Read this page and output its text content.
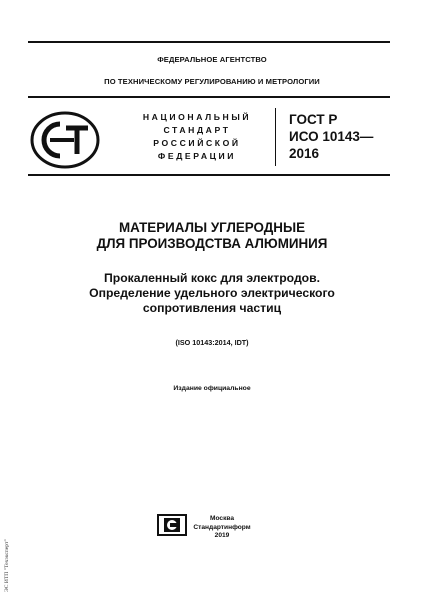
ФЕДЕРАЛЬНОЕ АГЕНТСТВО
ПО ТЕХНИЧЕСКОМУ РЕГУЛИРОВАНИЮ И МЕТРОЛОГИИ
НАЦИОНАЛЬНЫЙ
СТАНДАРТ
РОССИЙСКОЙ
ФЕДЕРАЦИИ
ГОСТ Р
ИСО 10143—
2016
МАТЕРИАЛЫ УГЛЕРОДНЫЕ
ДЛЯ ПРОИЗВОДСТВА АЛЮМИНИЯ
Прокаленный кокс для электродов.
Определение удельного электрического
сопротивления частиц
(ISO 10143:2014, IDT)
Издание официальное
Москва
Стандартинформ
2019
ЭС ИТП "Техэксперт"
